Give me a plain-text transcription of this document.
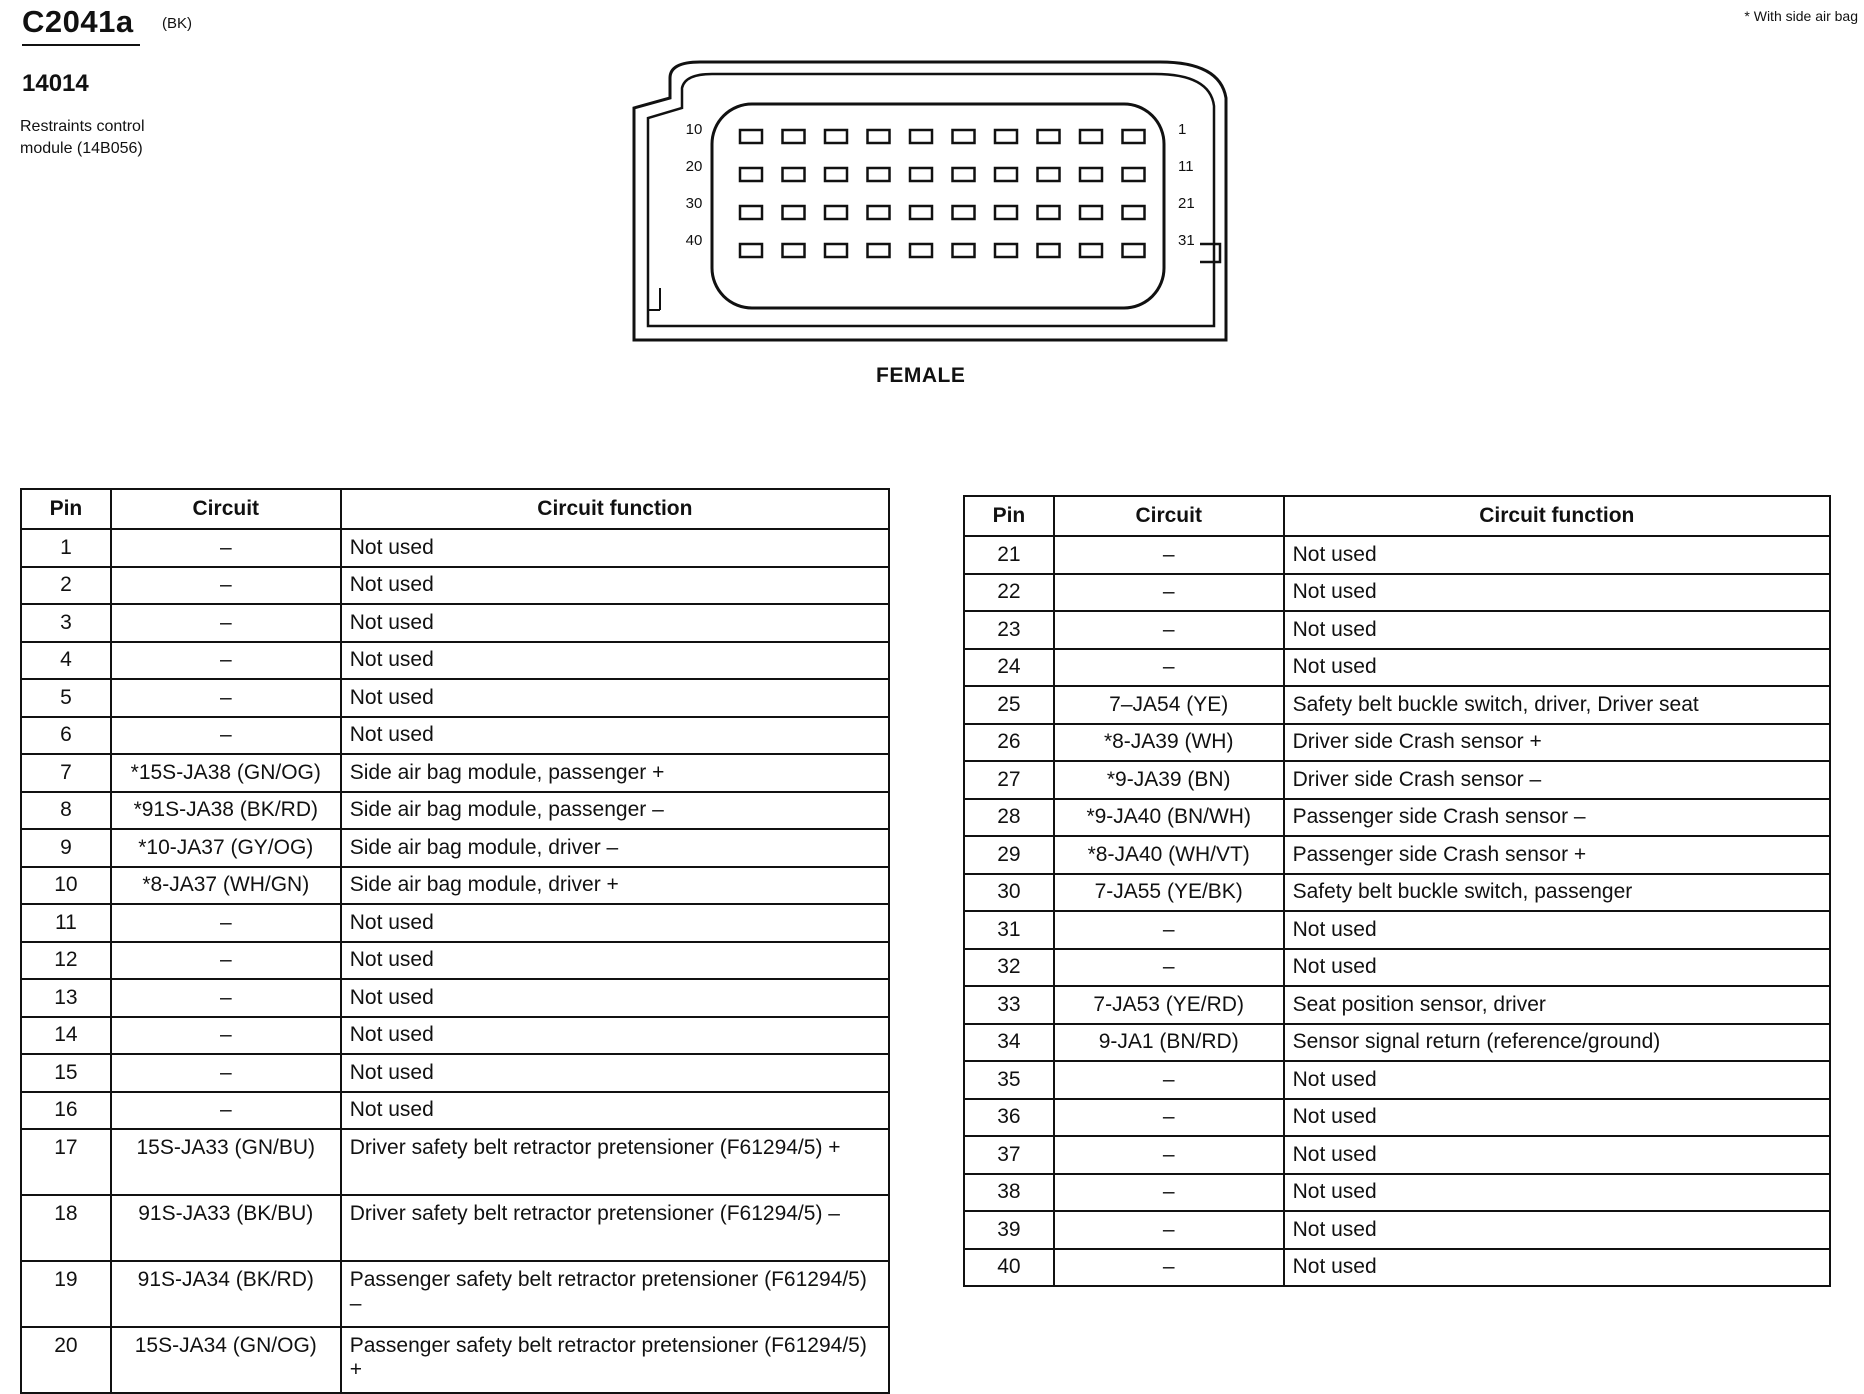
C2041a (BK)
14014
Restraints control
module (14B056)
* With side air bag
10
20
30
40
1
11
21
31
FEMALE
Pin	Circuit	Circuit function
1	–	Not used
2	–	Not used
3	–	Not used
4	–	Not used
5	–	Not used
6	–	Not used
7	*15S-JA38 (GN/OG)	Side air bag module, passenger +
8	*91S-JA38 (BK/RD)	Side air bag module, passenger –
9	*10-JA37 (GY/OG)	Side air bag module, driver –
10	*8-JA37 (WH/GN)	Side air bag module, driver +
11	–	Not used
12	–	Not used
13	–	Not used
14	–	Not used
15	–	Not used
16	–	Not used
17	15S-JA33 (GN/BU)	Driver safety belt retractor pretensioner (F61294/5) +
18	91S-JA33 (BK/BU)	Driver safety belt retractor pretensioner (F61294/5) –
19	91S-JA34 (BK/RD)	Passenger safety belt retractor pretensioner (F61294/5) –
20	15S-JA34 (GN/OG)	Passenger safety belt retractor pretensioner (F61294/5) +
Pin	Circuit	Circuit function
21	–	Not used
22	–	Not used
23	–	Not used
24	–	Not used
25	7–JA54 (YE)	Safety belt buckle switch, driver, Driver seat
26	*8-JA39 (WH)	Driver side Crash sensor +
27	*9-JA39 (BN)	Driver side Crash sensor –
28	*9-JA40 (BN/WH)	Passenger side Crash sensor –
29	*8-JA40 (WH/VT)	Passenger side Crash sensor +
30	7-JA55 (YE/BK)	Safety belt buckle switch, passenger
31	–	Not used
32	–	Not used
33	7-JA53 (YE/RD)	Seat position sensor, driver
34	9-JA1 (BN/RD)	Sensor signal return (reference/ground)
35	–	Not used
36	–	Not used
37	–	Not used
38	–	Not used
39	–	Not used
40	–	Not used
